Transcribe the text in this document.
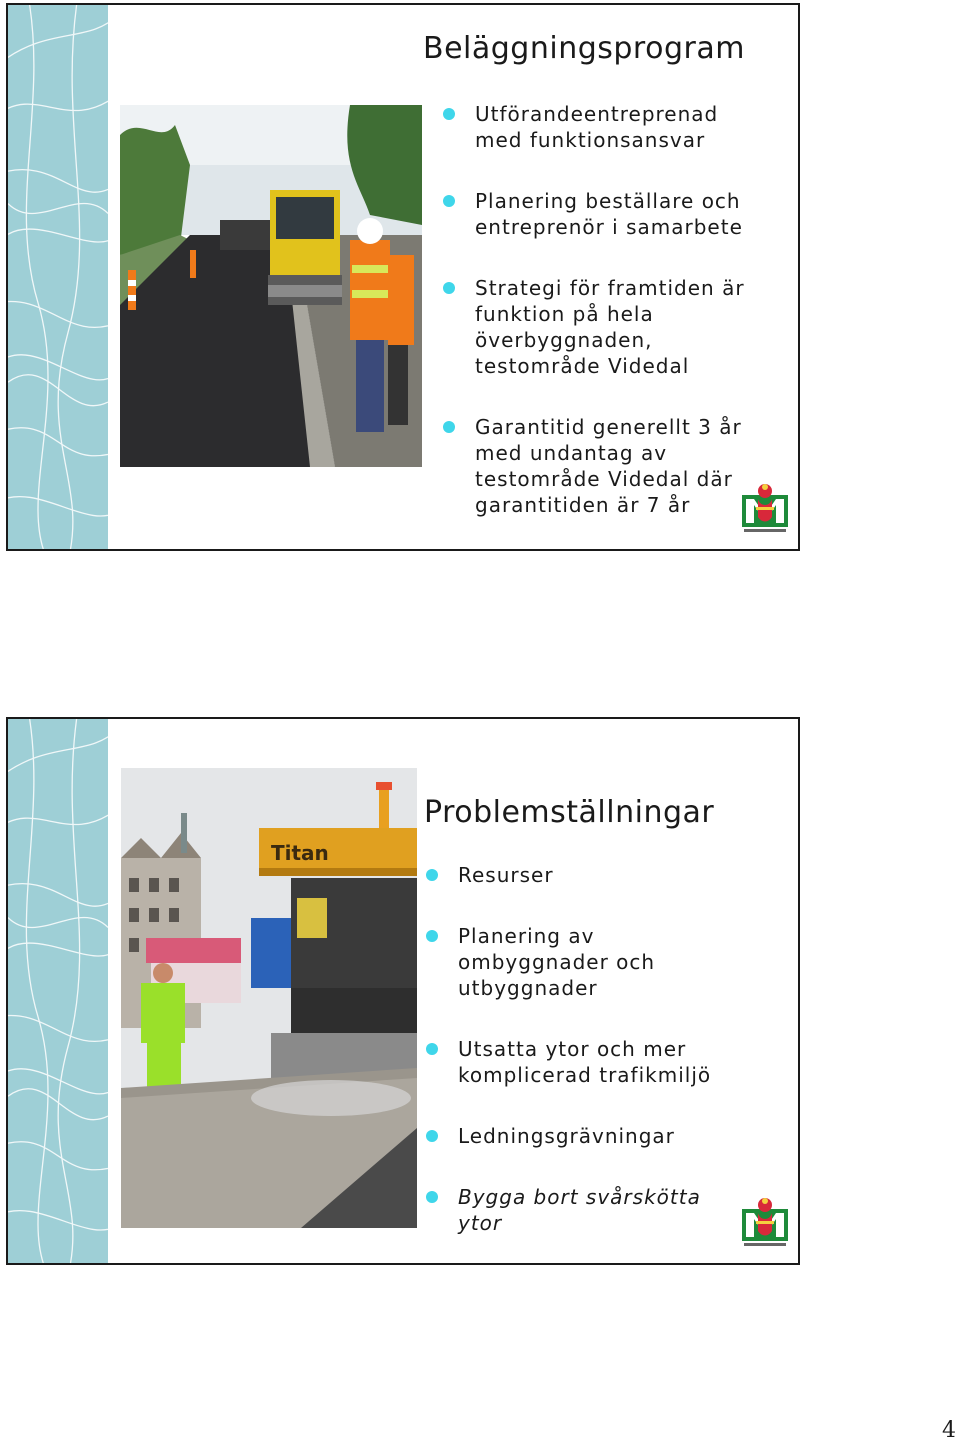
Beläggningsprogram
Utförandeentreprenad
med funktionsansvar
Planering beställare och
entreprenör i samarbete
Strategi för framtiden är
funktion på hela
överbyggnaden,
testområde Videdal
Garantitid generellt 3 år
med undantag av
testområde Videdal där
garantitiden är 7 år
Titan
Problemställningar
Resurser
Planering av
ombyggnader och
utbyggnader
Utsatta ytor och mer
komplicerad trafikmiljö
Ledningsgrävningar
Bygga bort svårskötta
ytor
4
